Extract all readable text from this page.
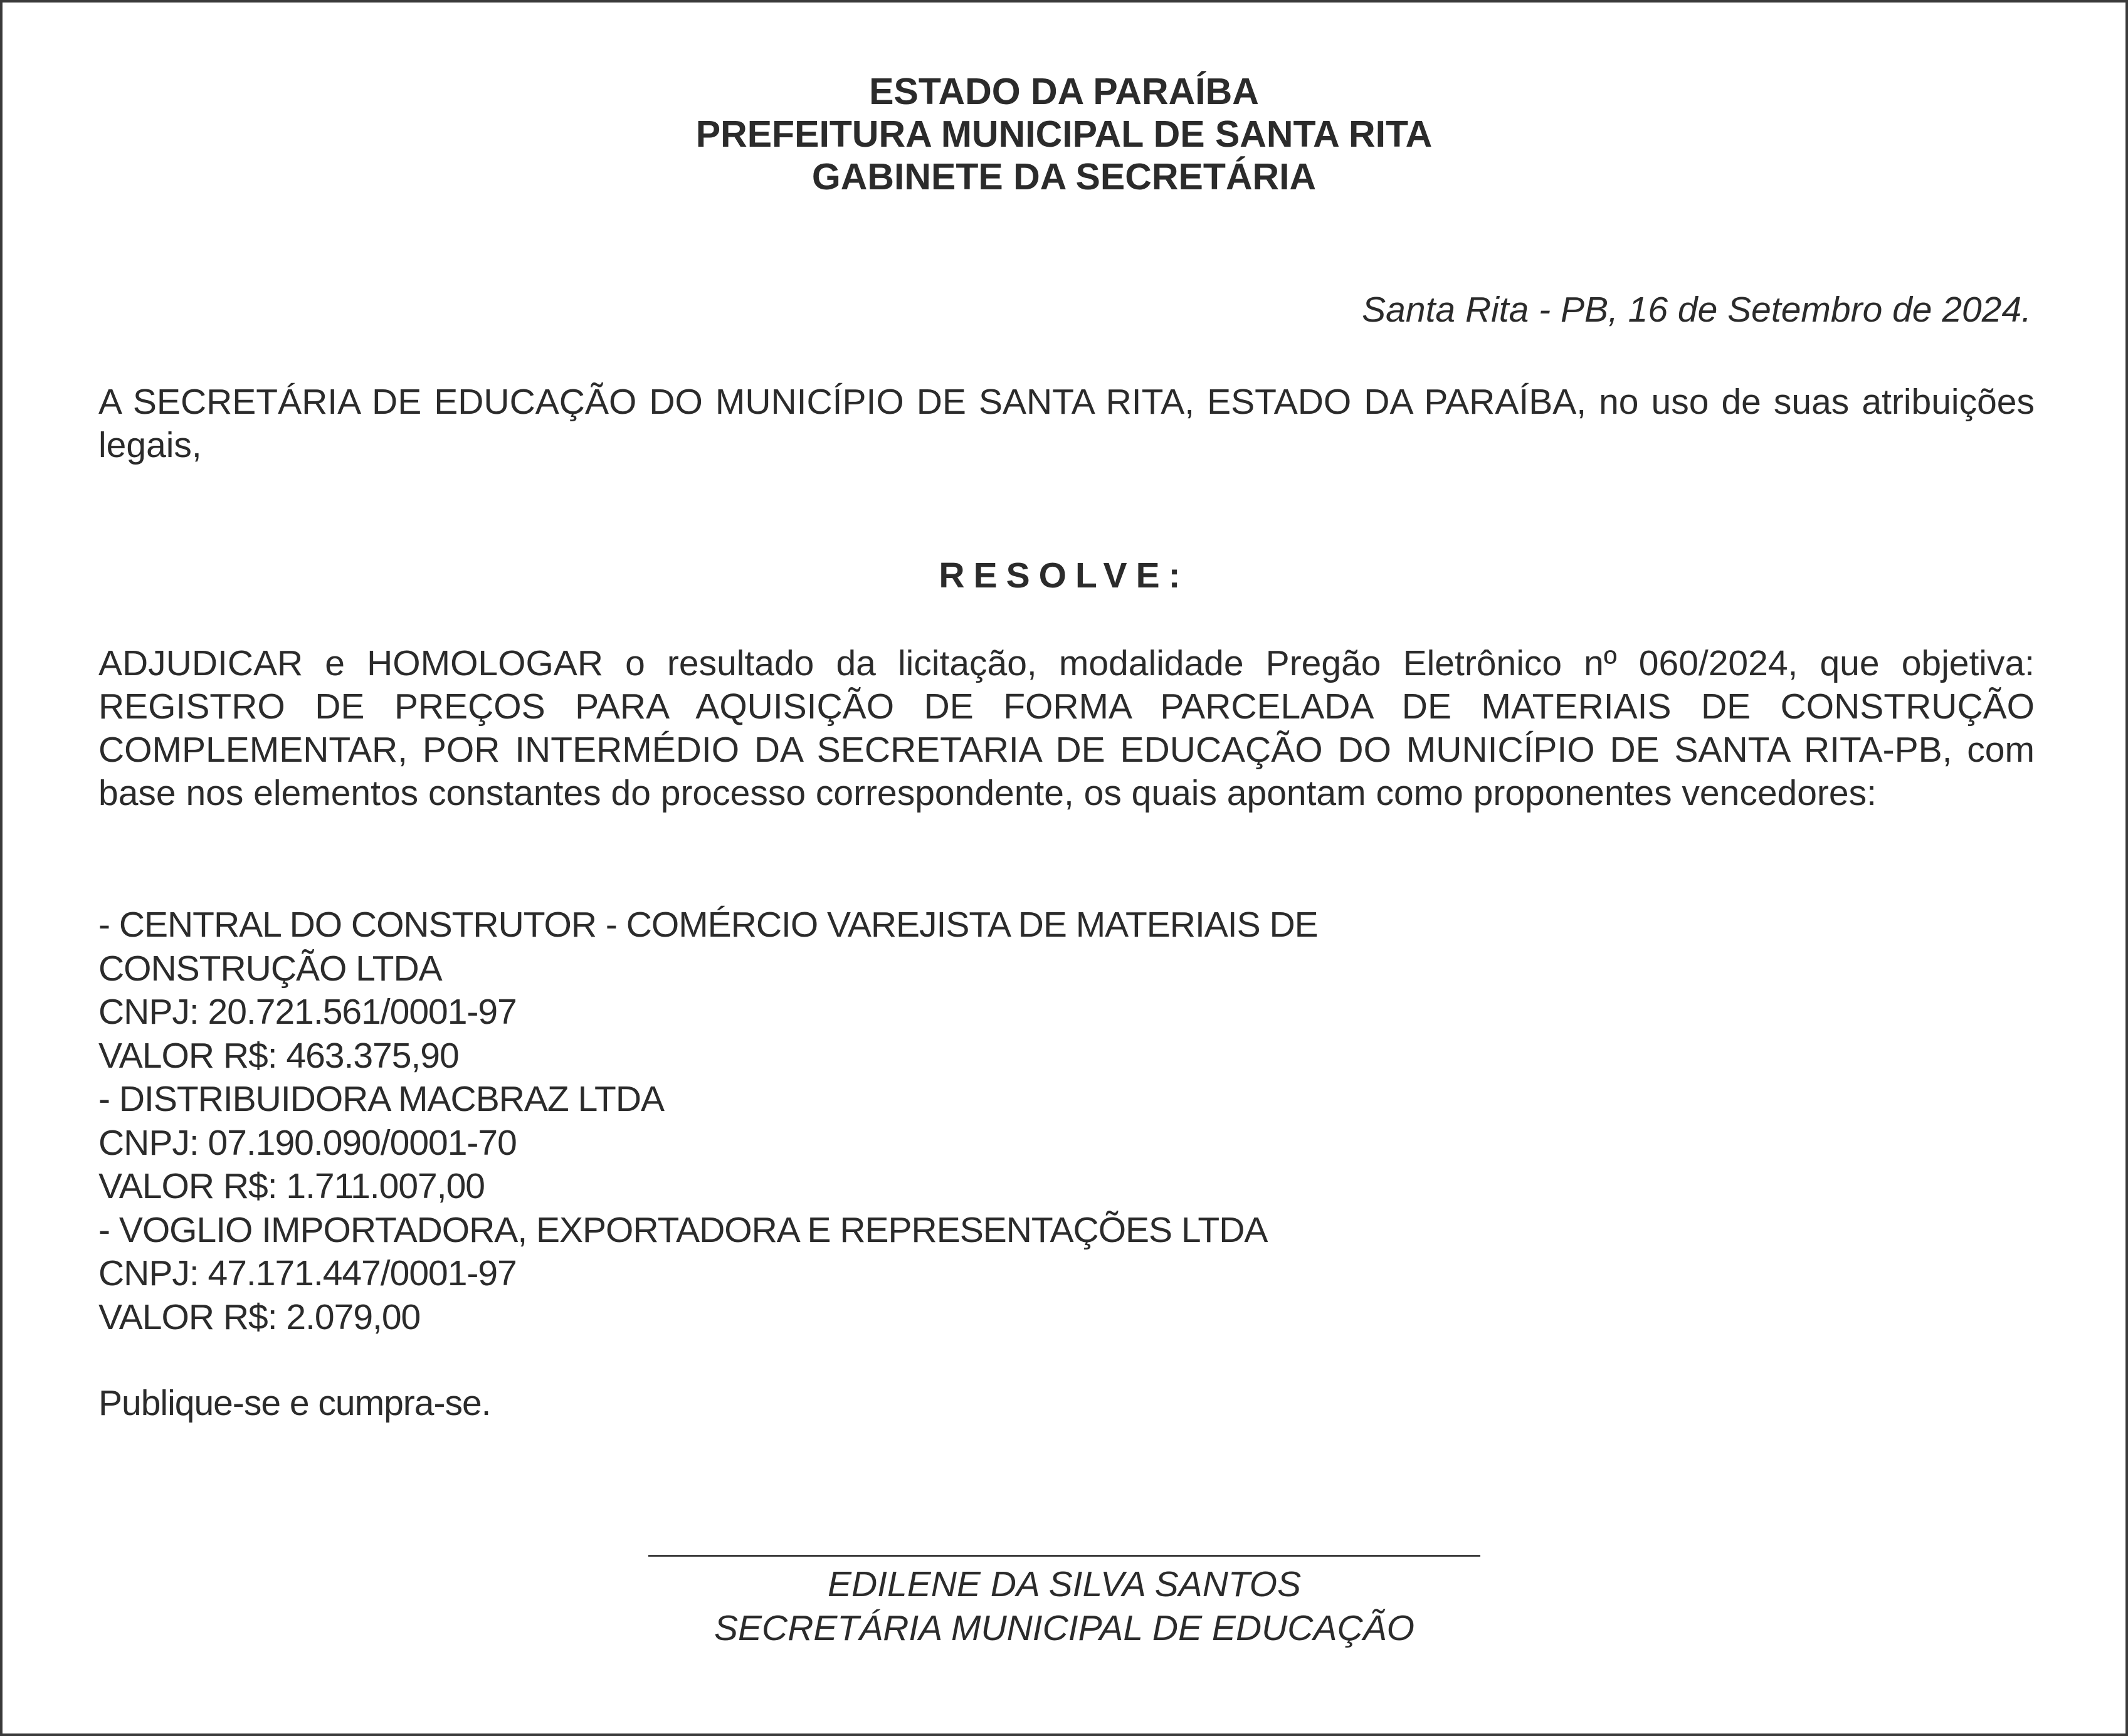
ESTADO DA PARAÍBA
PREFEITURA MUNICIPAL DE SANTA RITA
GABINETE DA SECRETÁRIA
Santa Rita - PB, 16 de Setembro de 2024.
A SECRETÁRIA DE EDUCAÇÃO DO MUNICÍPIO DE SANTA RITA, ESTADO DA PARAÍBA, no uso de suas atribuições legais,
RESOLVE:
ADJUDICAR e HOMOLOGAR o resultado da licitação, modalidade Pregão Eletrônico nº 060/2024, que objetiva: REGISTRO DE PREÇOS PARA AQUISIÇÃO DE FORMA PARCELADA DE MATERIAIS DE CONSTRUÇÃO COMPLEMENTAR, POR INTERMÉDIO DA SECRETARIA DE EDUCAÇÃO DO MUNICÍPIO DE SANTA RITA-PB, com base nos elementos constantes do processo correspondente, os quais apontam como proponentes vencedores:
- CENTRAL DO CONSTRUTOR - COMÉRCIO VAREJISTA DE MATERIAIS DE
CONSTRUÇÃO LTDA
CNPJ: 20.721.561/0001-97
VALOR R$: 463.375,90
- DISTRIBUIDORA MACBRAZ LTDA
CNPJ: 07.190.090/0001-70
VALOR R$: 1.711.007,00
- VOGLIO IMPORTADORA, EXPORTADORA E REPRESENTAÇÕES LTDA
CNPJ: 47.171.447/0001-97
VALOR R$: 2.079,00
Publique-se e cumpra-se.
EDILENE DA SILVA SANTOS
SECRETÁRIA MUNICIPAL DE EDUCAÇÃO
